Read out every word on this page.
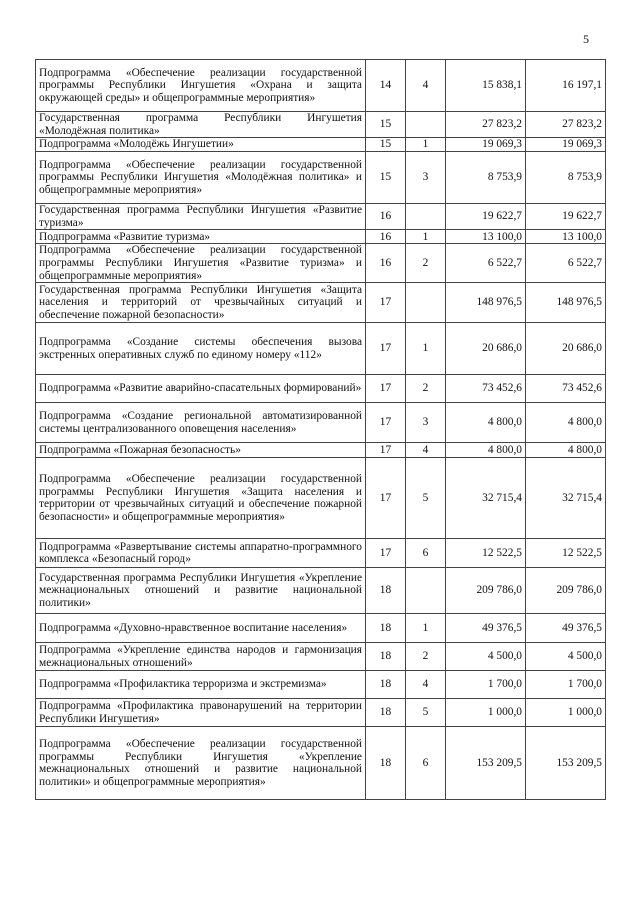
5
Подпрограмма «Обеспечение реализации государственной программы Республики Ингушетия «Охрана и защита окружающей среды» и общепрограммные мероприятия»	14	4	15 838,1	16 197,1
Государственная программа Республики Ингушетия «Молодёжная политика»	15		27 823,2	27 823,2
Подпрограмма «Молодёжь Ингушетии»	15	1	19 069,3	19 069,3
Подпрограмма «Обеспечение реализации государственной программы Республики Ингушетия «Молодёжная политика» и общепрограммные мероприятия»	15	3	8 753,9	8 753,9
Государственная программа Республики Ингушетия «Развитие туризма»	16		19 622,7	19 622,7
Подпрограмма «Развитие туризма»	16	1	13 100,0	13 100,0
Подпрограмма «Обеспечение реализации государственной программы Республики Ингушетия «Развитие туризма» и общепрограммные мероприятия»	16	2	6 522,7	6 522,7
Государственная программа Республики Ингушетия «Защита населения и территорий от чрезвычайных ситуаций и обеспечение пожарной безопасности»	17		148 976,5	148 976,5
Подпрограмма «Создание системы обеспечения вызова экстренных оперативных служб по единому номеру «112»	17	1	20 686,0	20 686,0
Подпрограмма «Развитие аварийно-спасательных формирований»	17	2	73 452,6	73 452,6
Подпрограмма «Создание региональной автоматизированной системы централизованного оповещения населения»	17	3	4 800,0	4 800,0
Подпрограмма «Пожарная безопасность»	17	4	4 800,0	4 800,0
Подпрограмма «Обеспечение реализации государственной программы Республики Ингушетия «Защита населения и территории от чрезвычайных ситуаций и обеспечение пожарной безопасности» и общепрограммные мероприятия»	17	5	32 715,4	32 715,4
Подпрограмма «Развертывание системы аппаратно-программного комплекса «Безопасный город»	17	6	12 522,5	12 522,5
Государственная программа Республики Ингушетия «Укрепление межнациональных отношений и развитие национальной политики»	18		209 786,0	209 786,0
Подпрограмма «Духовно-нравственное воспитание населения»	18	1	49 376,5	49 376,5
Подпрограмма «Укрепление единства народов и гармонизация межнациональных отношений»	18	2	4 500,0	4 500,0
Подпрограмма «Профилактика терроризма и экстремизма»	18	4	1 700,0	1 700,0
Подпрограмма «Профилактика правонарушений на территории Республики Ингушетия»	18	5	1 000,0	1 000,0
Подпрограмма «Обеспечение реализации государственной программы Республики Ингушетия «Укрепление межнациональных отношений и развитие национальной политики» и общепрограммные мероприятия»	18	6	153 209,5	153 209,5
